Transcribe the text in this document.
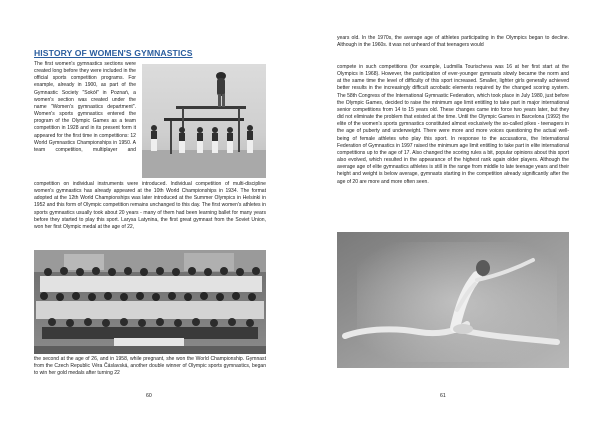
HISTORY OF WOMEN'S GYMNASTICS

The first women's gymnastics sections were created long before they were included in the official sports competition programs. For example, already in 1900, as part of the Gymnastic Society "Sokół" in Poznań, a women's section was created under the name "Women's gymnastics department". Women's sports gymnastics entered the program of the Olympic Games as a team competition in 1928 and in its present form it appeared for the first time in competitions: 12 World Gymnastics Championships in 1950. A team competition, multiplayer and

competition on individual instruments were introduced. Individual competition of multi-discipline women's gymnastics has already appeared at the 10th World Championships in 1934. The format adopted at the 12th World Championships was later introduced at the Summer Olympics in Helsinki in 1952 and this form of Olympic competition remains unchanged to this day. The first women's athletes in sports gymnastics usually took about 20 years - many of them had been learning ballet for many years before they started to play this sport. Larysa Latynina, the first great gymnast from the Soviet Union, won her first Olympic medal at the age of 22,

the second at the age of 26, and in 1958, while pregnant, she won the World Championship. Gymnast from the Czech Republic Věra Čáslavská, another double winner of Olympic sports gymnastics, began to win her gold medals after turning 22

60

years old. In the 1970s, the average age of athletes participating in the Olympics began to decline. Although in the 1960s. it was not unheard of that teenagers would

compete in such competitions (for example, Ludmilla Tourischeva was 16 at her first start at the Olympics in 1968). However, the participation of ever-younger gymnasts slowly became the norm and at the same time the level of difficulty of this sport increased. Smaller, lighter girls generally achieved better results in the increasingly difficult acrobatic elements required by the changed scoring system. The 58th Congress of the International Gymnastic Federation, which took place in July 1980, just before the Olympic Games, decided to raise the minimum age limit entitling to take part in major international senior competitions from 14 to 15 years old. These changes came into force two years later, but they did not eliminate the problem that existed at the time. Until the Olympic Games in Barcelona (1992) the elite of the women's sports gymnastics constituted almost exclusively the so-called pikes - teenagers in the age of puberty and underweight. There were more and more voices questioning the actual well-being of female athletes who play this sport. In response to the accusations, the International Federation of Gymnastics in 1997 raised the minimum age limit entitling to take part in elite international competitions up to the age of 17. Also changed the scoring rules a bit, popular opinions about this sport also evolved, which resulted in the appearance of the highest rank again older players. Although the average age of elite gymnastics athletes is still in the range from middle to late teenage years and their height and weight is below average, gymnasts starting in the competition already significantly after the age of 20 are more and more often seen.

61
